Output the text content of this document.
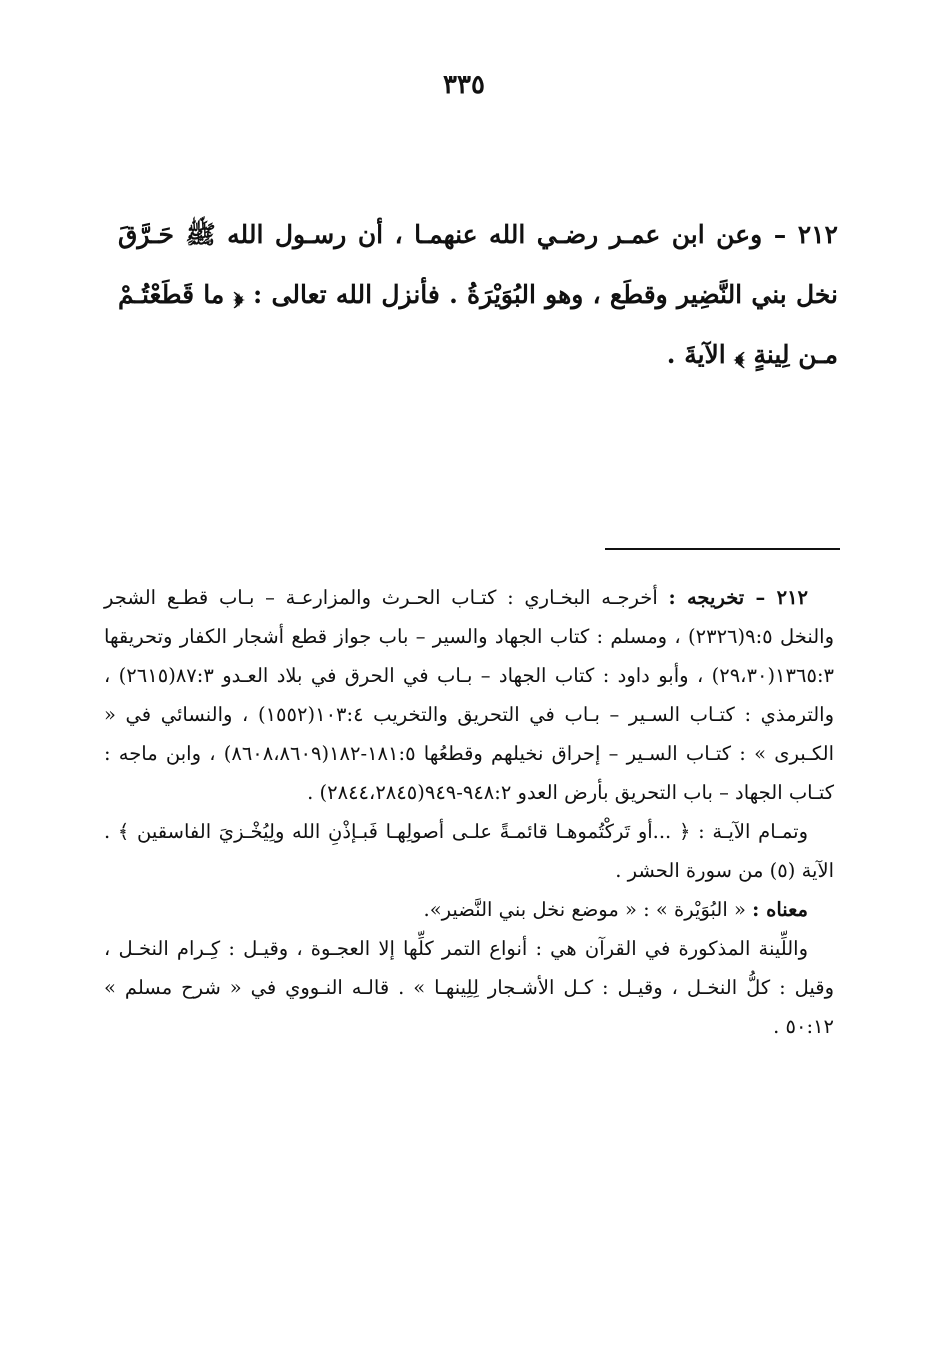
٣٣٥

٢١٢ – وعن ابن عمـر رضـي الله عنهمـا ، أن رسـول الله ﷺ حَـرَّقَ نخل بني النَّضِير وقطَع ، وهو البُوَيْرَةُ . فأنزل الله تعالى : ﴿ ما قَطَعْتُـمْ مـن لِينةٍ ﴾ الآيةَ .

٢١٢ – تخريجه : أخرجـه البخـاري : كتـاب الحـرث والمزارعـة – بـاب قطـع الشجر والنخل ٩:٥(٢٣٢٦) ، ومسلم : كتاب الجهاد والسير – باب جواز قطع أشجار الكفار وتحريقها ١٣٦٥:٣(٢٩،٣٠) ، وأبو داود : كتاب الجهاد – بـاب في الحرق في بلاد العـدو ٨٧:٣(٢٦١٥) ، والترمذي : كتـاب السـير – بـاب في التحريق والتخريب ١٠٣:٤(١٥٥٢) ، والنسائي في « الكـبرى » : كتـاب السـير – إحراق نخيلهم وقطعُها ١٨١:٥-١٨٢(٨٦٠٨،٨٦٠٩) ، وابن ماجه : كتـاب الجهاد – باب التحريق بأرض العدو ٩٤٨:٢-٩٤٩(٢٨٤٤،٢٨٤٥) .

وتمـام الآيـة : ﴿ ...أو تَركْتُموهـا قائمـةً علـى أصولِهـا فَبـإذْنِ الله ولِيُخْـزيَ الفاسقين ﴾ . الآية (٥) من سورة الحشر .

معناه : « البُوَيْرة » : « موضع نخل بني النَّضير».

واللِّينة المذكورة في القرآن هي : أنواع التمر كلِّها إلا العجـوة ، وقيـل : كِـرام النخـل ، وقيل : كلُّ النخـل ، وقيـل : كـل الأشـجار لِلِينهـا » . قالـه النـووي في « شرح مسلم » ٥٠:١٢ .
